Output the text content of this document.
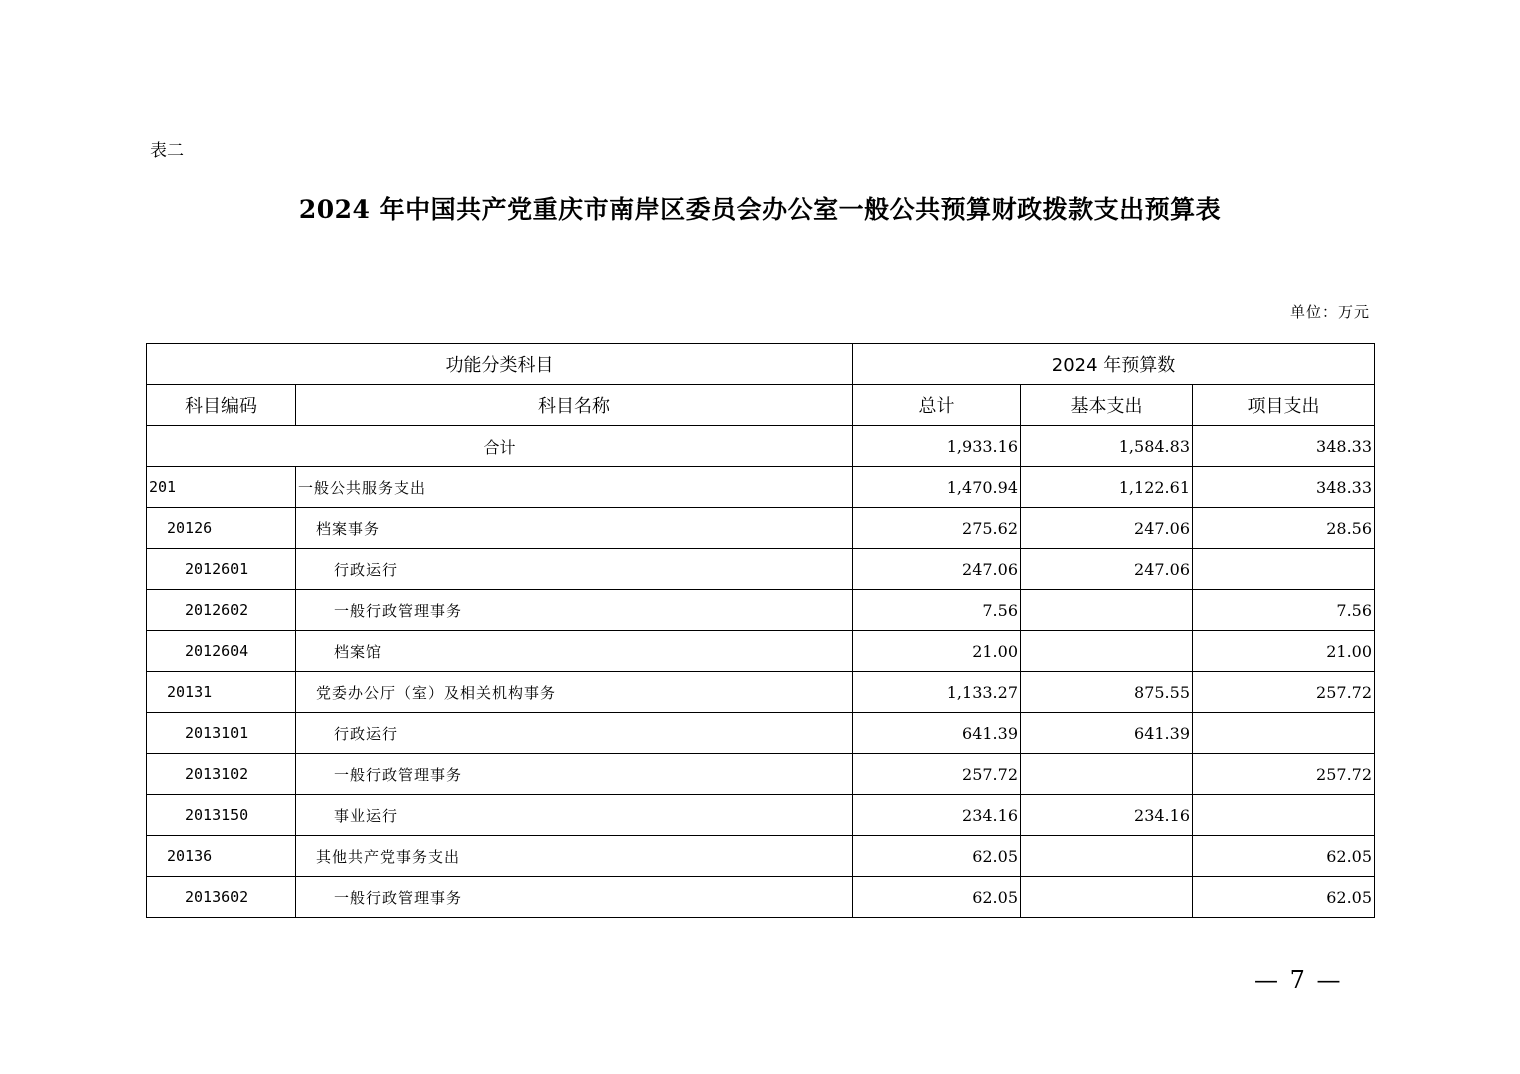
表二
2024 年中国共产党重庆市南岸区委员会办公室一般公共预算财政拨款支出预算表
单位：万元
功能分类科目		2024 年预算数		
科目编码	科目名称	总计	基本支出	项目支出
合计		1,933.16	1,584.83	348.33
201	一般公共服务支出	1,470.94	1,122.61	348.33
20126	档案事务	275.62	247.06	28.56
2012601	行政运行	247.06	247.06	
2012602	一般行政管理事务	7.56		7.56
2012604	档案馆	21.00		21.00
20131	党委办公厅（室）及相关机构事务	1,133.27	875.55	257.72
2013101	行政运行	641.39	641.39	
2013102	一般行政管理事务	257.72		257.72
2013150	事业运行	234.16	234.16	
20136	其他共产党事务支出	62.05		62.05
2013602	一般行政管理事务	62.05		62.05
— 7 —
